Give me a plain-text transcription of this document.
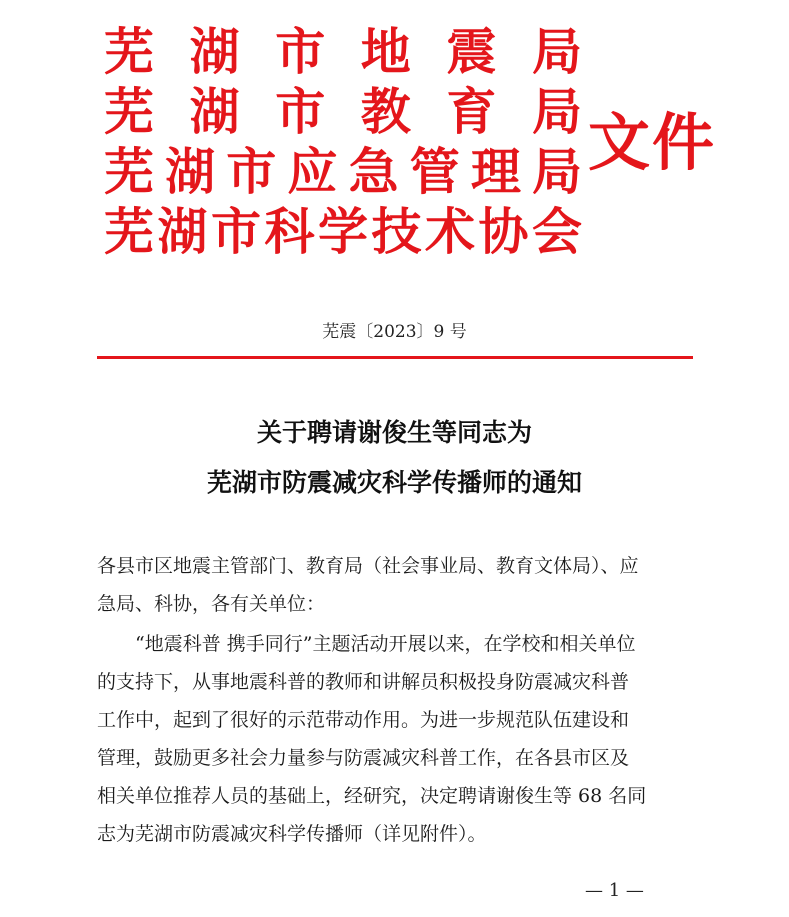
芜 湖 市 地 震 局
芜 湖 市 教 育 局
芜 湖 市 应 急 管 理 局
芜 湖 市 科 学 技 术 协 会
文件
芜震〔2023〕9 号
关于聘请谢俊生等同志为
芜湖市防震减灾科学传播师的通知
各县市区地震主管部门、教育局（社会事业局、教育文体局）、应
急局、科协，各有关单位：
“地震科普 携手同行”主题活动开展以来，在学校和相关单位
的支持下，从事地震科普的教师和讲解员积极投身防震减灾科普
工作中，起到了很好的示范带动作用。为进一步规范队伍建设和
管理，鼓励更多社会力量参与防震减灾科普工作，在各县市区及
相关单位推荐人员的基础上，经研究，决定聘请谢俊生等 68 名同
志为芜湖市防震减灾科学传播师（详见附件）。
— 1 —
